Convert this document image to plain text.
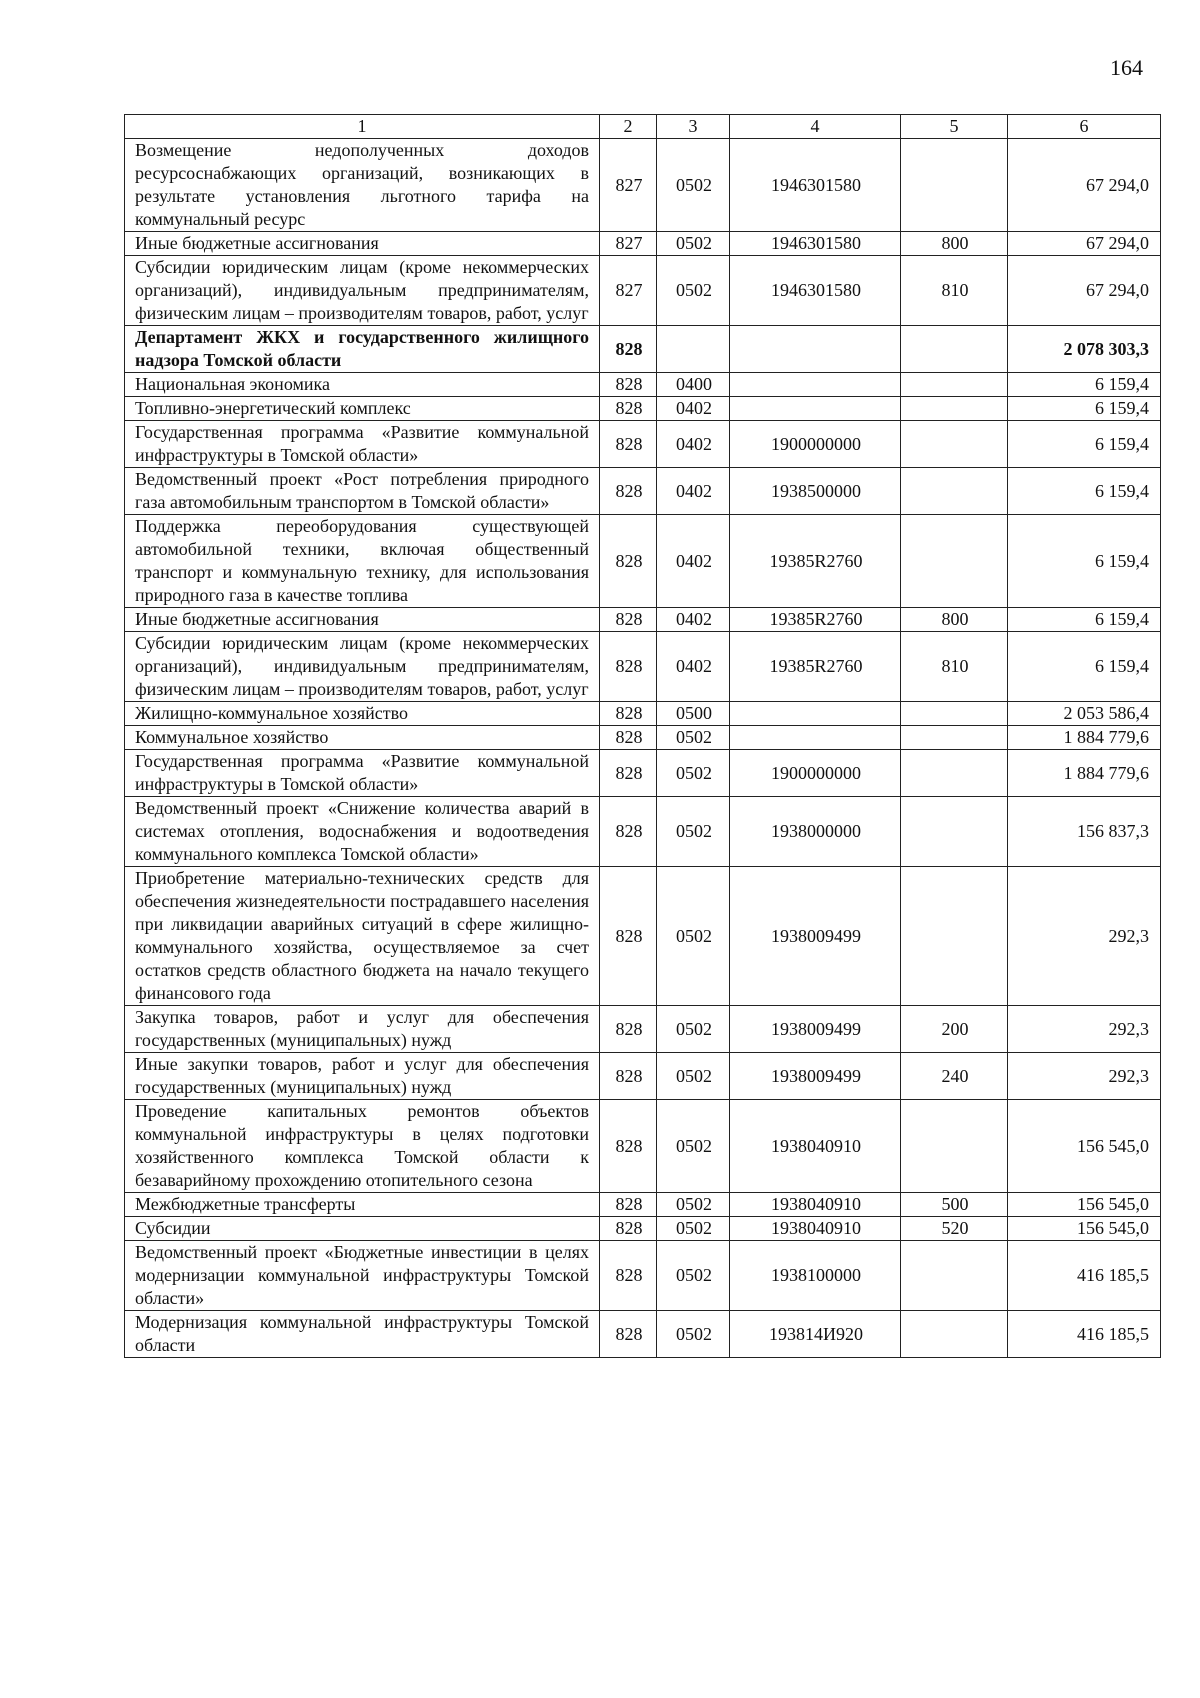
164
1	2	3	4	5	6
Возмещение недополученных доходов ресурсоснабжающих организаций, возникающих в результате установления льготного тарифа на коммунальный ресурс	827	0502	1946301580		67 294,0
Иные бюджетные ассигнования	827	0502	1946301580	800	67 294,0
Субсидии юридическим лицам (кроме некоммерческих организаций), индивидуальным предпринимателям, физическим лицам – производителям товаров, работ, услуг	827	0502	1946301580	810	67 294,0
Департамент ЖКХ и государственного жилищного надзора Томской области	828				2 078 303,3
Национальная экономика	828	0400			6 159,4
Топливно-энергетический комплекс	828	0402			6 159,4
Государственная программа «Развитие коммунальной инфраструктуры в Томской области»	828	0402	1900000000		6 159,4
Ведомственный проект «Рост потребления природного газа автомобильным транспортом в Томской области»	828	0402	1938500000		6 159,4
Поддержка переоборудования существующей автомобильной техники, включая общественный транспорт и коммунальную технику, для использования природного газа в качестве топлива	828	0402	19385R2760		6 159,4
Иные бюджетные ассигнования	828	0402	19385R2760	800	6 159,4
Субсидии юридическим лицам (кроме некоммерческих организаций), индивидуальным предпринимателям, физическим лицам – производителям товаров, работ, услуг	828	0402	19385R2760	810	6 159,4
Жилищно-коммунальное хозяйство	828	0500			2 053 586,4
Коммунальное хозяйство	828	0502			1 884 779,6
Государственная программа «Развитие коммунальной инфраструктуры в Томской области»	828	0502	1900000000		1 884 779,6
Ведомственный проект «Снижение количества аварий в системах отопления, водоснабжения и водоотведения коммунального комплекса Томской области»	828	0502	1938000000		156 837,3
Приобретение материально-технических средств для обеспечения жизнедеятельности пострадавшего населения при ликвидации аварийных ситуаций в сфере жилищно-коммунального хозяйства, осуществляемое за счет остатков средств областного бюджета на начало текущего финансового года	828	0502	1938009499		292,3
Закупка товаров, работ и услуг для обеспечения государственных (муниципальных) нужд	828	0502	1938009499	200	292,3
Иные закупки товаров, работ и услуг для обеспечения государственных (муниципальных) нужд	828	0502	1938009499	240	292,3
Проведение капитальных ремонтов объектов коммунальной инфраструктуры в целях подготовки хозяйственного комплекса Томской области к безаварийному прохождению отопительного сезона	828	0502	1938040910		156 545,0
Межбюджетные трансферты	828	0502	1938040910	500	156 545,0
Субсидии	828	0502	1938040910	520	156 545,0
Ведомственный проект «Бюджетные инвестиции в целях модернизации коммунальной инфраструктуры Томской области»	828	0502	1938100000		416 185,5
Модернизация коммунальной инфраструктуры Томской области	828	0502	193814И920		416 185,5
